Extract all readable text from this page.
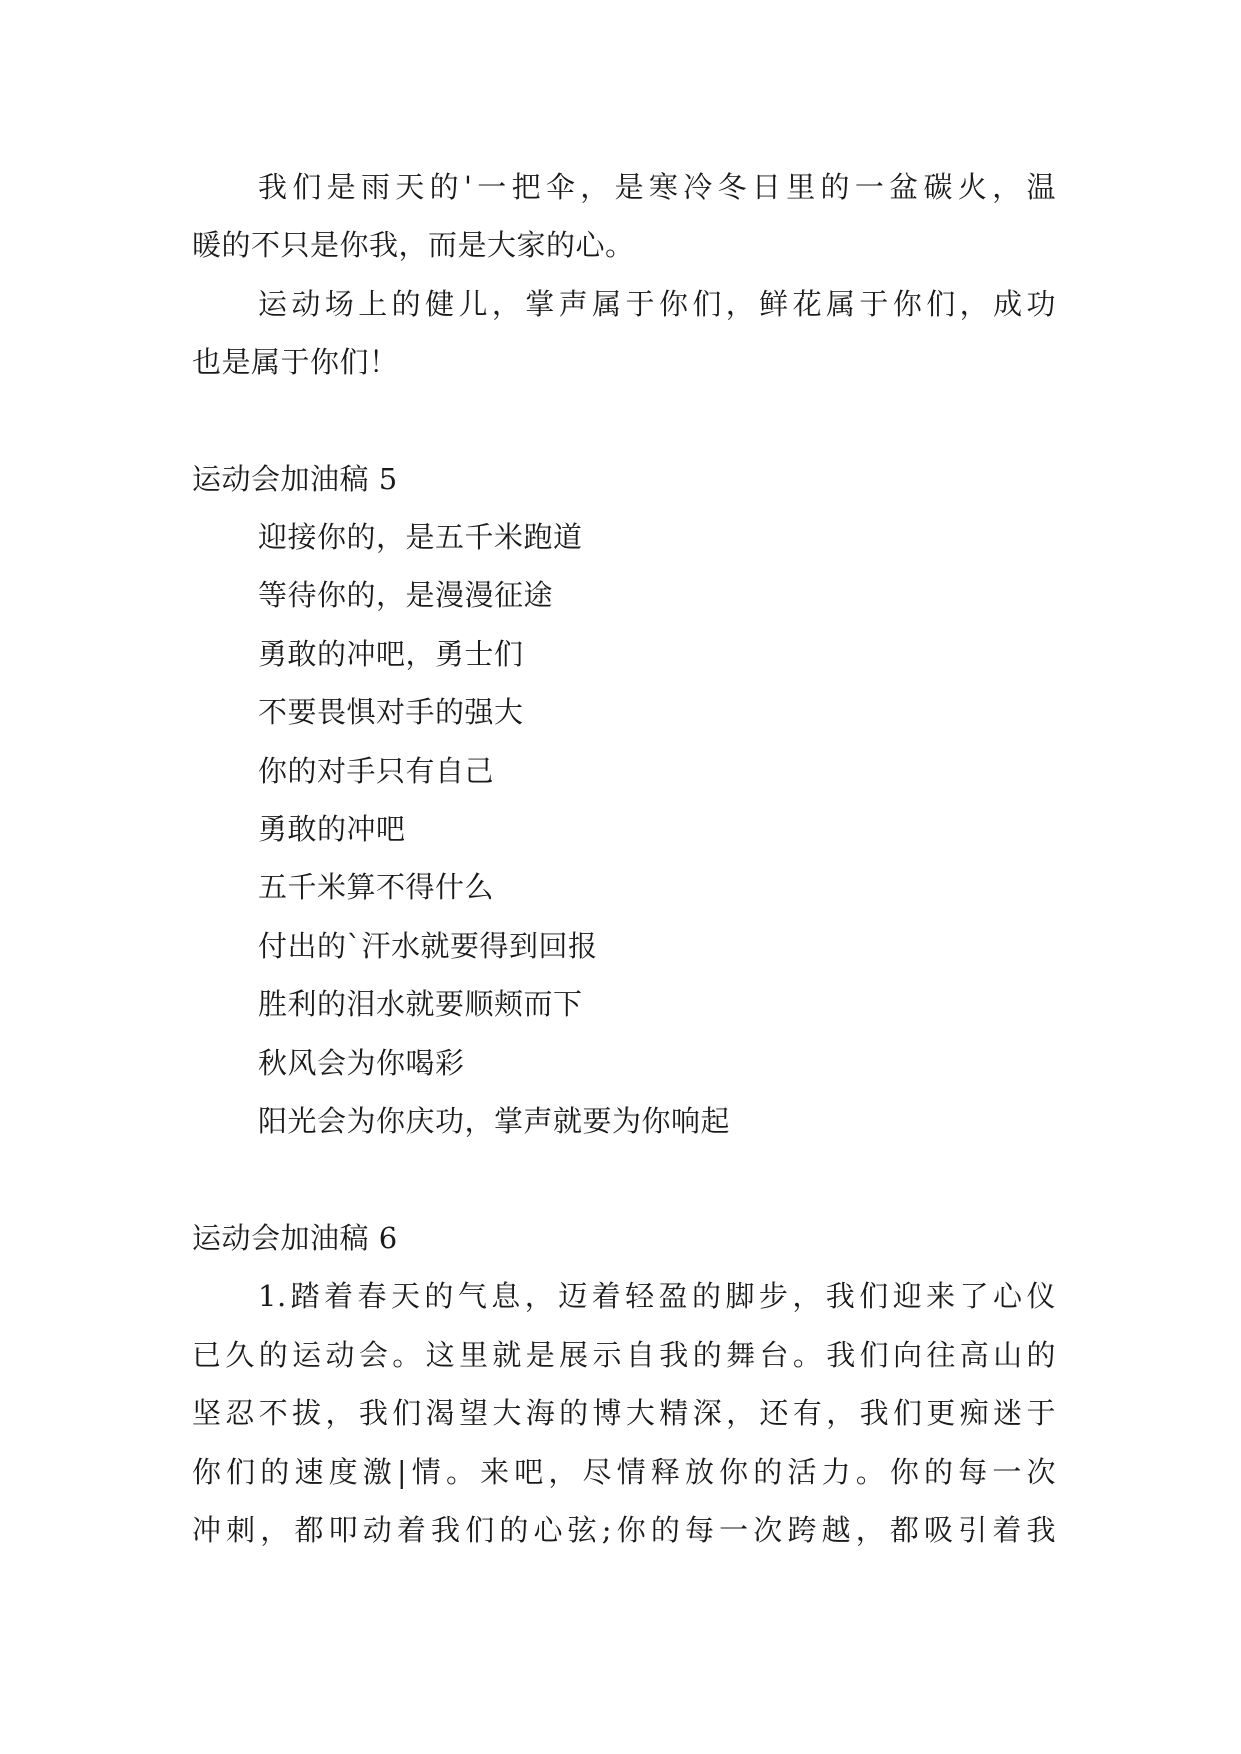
我们是雨天的'一把伞，是寒冷冬日里的一盆碳火，温
暖的不只是你我，而是大家的心。
运动场上的健儿，掌声属于你们，鲜花属于你们，成功
也是属于你们！
运动会加油稿 5
迎接你的，是五千米跑道
等待你的，是漫漫征途
勇敢的冲吧，勇士们
不要畏惧对手的强大
你的对手只有自己
勇敢的冲吧
五千米算不得什么
付出的`汗水就要得到回报
胜利的泪水就要顺颊而下
秋风会为你喝彩
阳光会为你庆功，掌声就要为你响起
运动会加油稿 6
1.踏着春天的气息，迈着轻盈的脚步，我们迎来了心仪
已久的运动会。这里就是展示自我的舞台。我们向往高山的
坚忍不拔，我们渴望大海的博大精深，还有，我们更痴迷于
你们的速度激|情。来吧，尽情释放你的活力。你的每一次
冲刺，都叩动着我们的心弦;你的每一次跨越，都吸引着我
